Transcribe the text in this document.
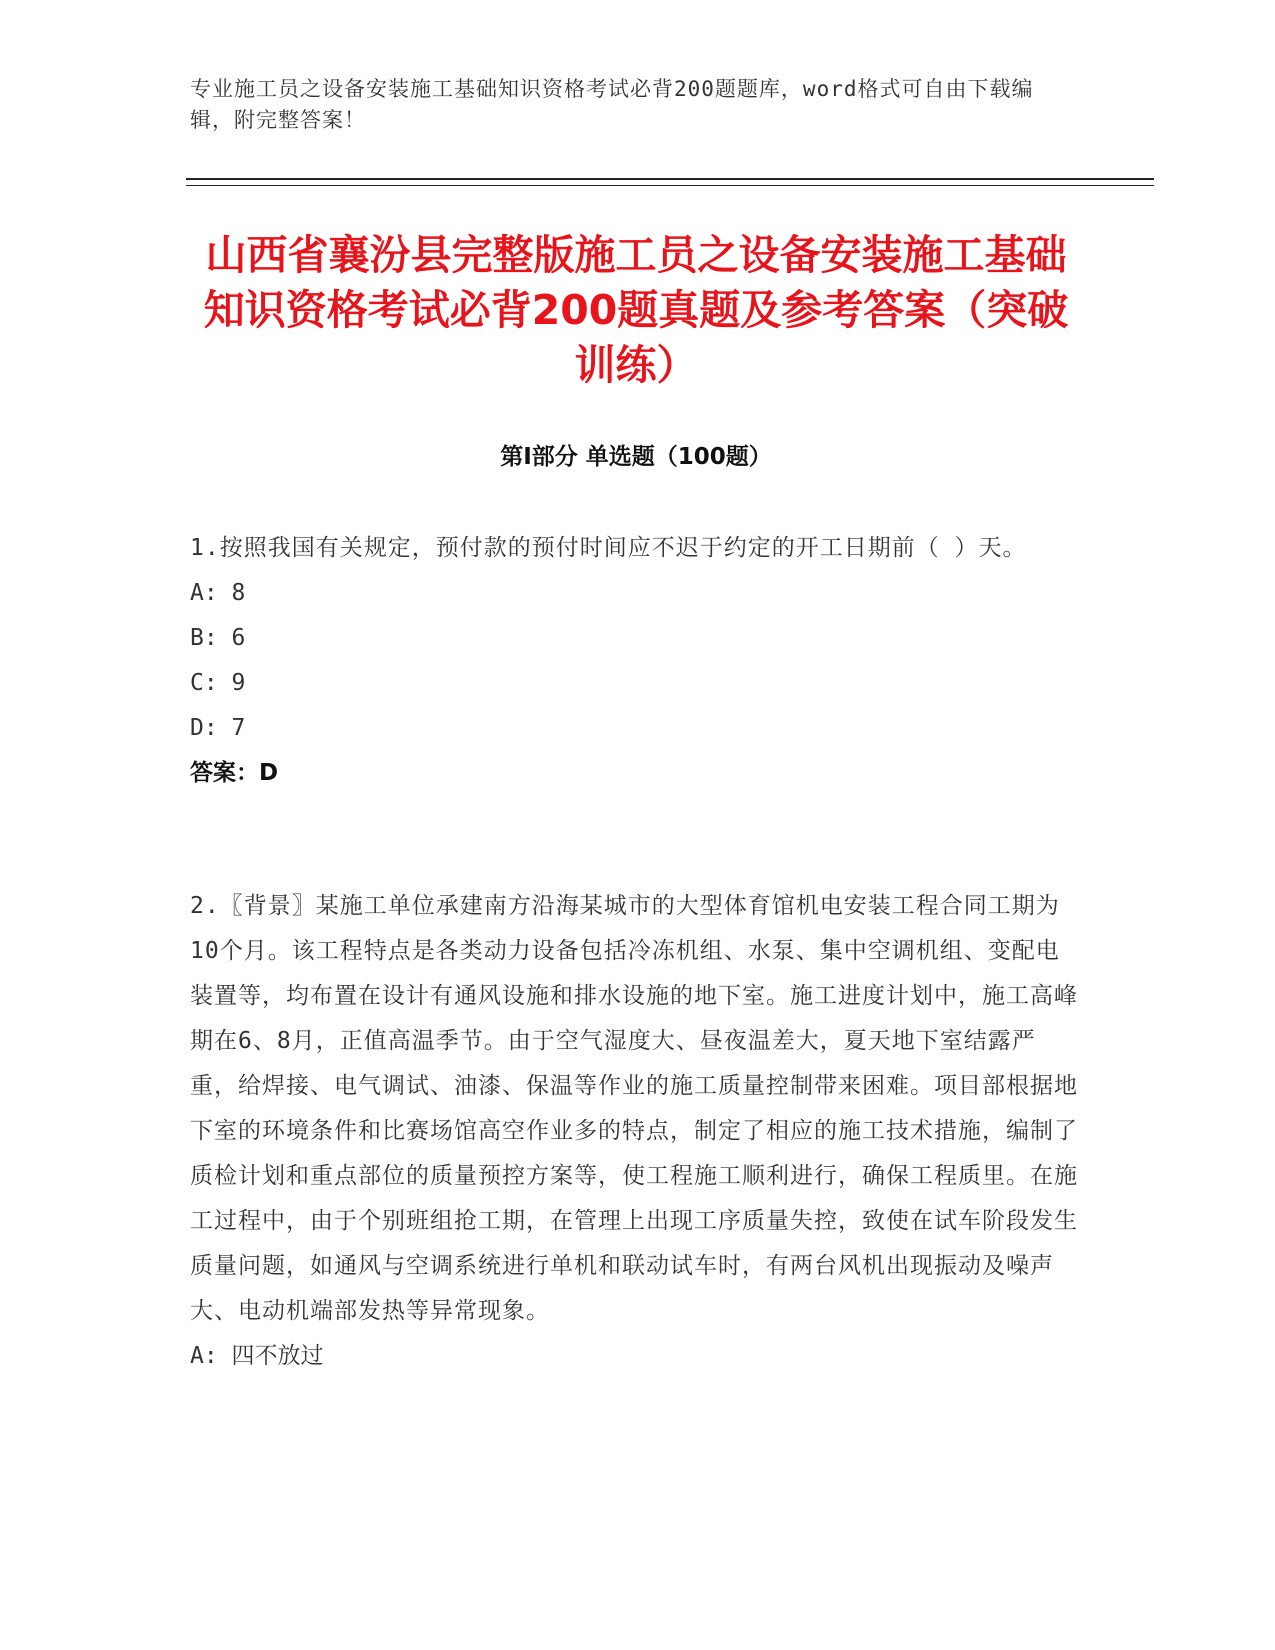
专业施工员之设备安装施工基础知识资格考试必背200题题库，word格式可自由下载编辑，附完整答案！
山西省襄汾县完整版施工员之设备安装施工基础知识资格考试必背200题真题及参考答案（突破训练）
第Ⅰ部分 单选题（100题）

1.按照我国有关规定，预付款的预付时间应不迟于约定的开工日期前（ ）天。

A: 8

B: 6

C: 9

D: 7

答案：D

2.〖背景〗某施工单位承建南方沿海某城市的大型体育馆机电安装工程合同工期为10个月。该工程特点是各类动力设备包括冷冻机组、水泵、集中空调机组、变配电装置等，均布置在设计有通风设施和排水设施的地下室。施工进度计划中，施工高峰期在6、8月，正值高温季节。由于空气湿度大、昼夜温差大，夏天地下室结露严重，给焊接、电气调试、油漆、保温等作业的施工质量控制带来困难。项目部根据地下室的环境条件和比赛场馆高空作业多的特点，制定了相应的施工技术措施，编制了质检计划和重点部位的质量预控方案等，使工程施工顺利进行，确保工程质里。在施工过程中，由于个别班组抢工期，在管理上出现工序质量失控，致使在试车阶段发生质量问题，如通风与空调系统进行单机和联动试车时，有两台风机出现振动及噪声大、电动机端部发热等异常现象。

A: 四不放过
